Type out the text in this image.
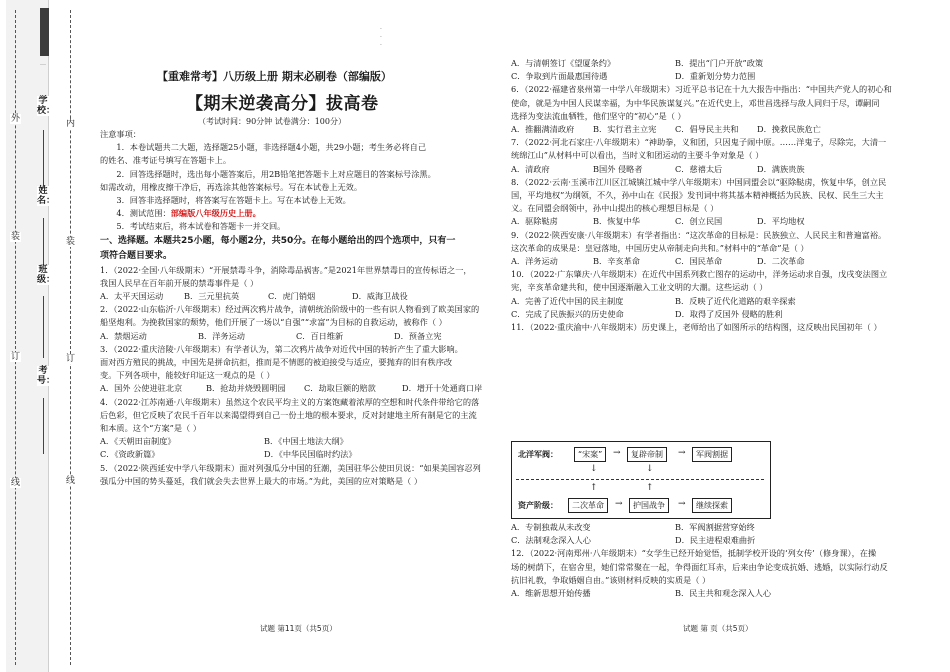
外
装
订
线
内
装
订
线
学校：
姓名：
班级：
考号：
…
【重难常考】八历级上册 期末必刷卷（部编版）
【期末逆袭高分】拔高卷
（考试时间：90分钟 试卷满分：100分）

注意事项：

1．本卷试题共二大题，选择题25小题，非选择题4小题，共29小题；考生务必将自己

的姓名、准考证号填写在答题卡上。

2．回答选择题时，选出每小题答案后，用2B铅笔把答题卡上对应题目的答案标号涂黑。

如需改动，用橡皮擦干净后，再选涂其他答案标号。写在本试卷上无效。

3．回答非选择题时，将答案写在答题卡上。写在本试卷上无效。

4．测试范围：部编版八年级历史上册。

5．考试结束后，将本试卷和答题卡一并交回。

一、选择题。本题共25小题，每小题2分，共50分。在每小题给出的四个选项中，只有一

项符合题目要求。

1．（2022·全国·八年级期末）“开展禁毒斗争，消除毒品祸害。”是2021年世界禁毒日的宣传标语之一，

我国人民早在百年前开展的禁毒事件是（ ）

A．太平天国运动	B．三元里抗英	C．虎门销烟	D．威海卫战役

2．（2022·山东临沂·八年级期末）经过两次鸦片战争，清朝统治阶级中的一些有识人物看到了欧美国家的

船坚炮利。为挽救国家的颓势，他们开展了一场以“自强”“求富”为目标的自救运动，被称作（ ）

A．禁烟运动	B．洋务运动	C．百日维新	D．预备立宪

3．（2022·重庆涪陵·八年级期末）有学者认为，第二次鸦片战争对近代中国的转折产生了重大影响。

面对西方殖民的挑战，中国先是拼命抗拒，推而是不情愿的被迫接受与适应，要抛弃的旧有秩序改

变。下列各项中，能较好印证这一观点的是（ ）

A．国外 公使进驻北京	B．抢劫并烧毁圆明园	C．劫取巨额的赔款	D．增开十处通商口岸

4．（2022·江苏南通·八年级期末）虽然这个农民平均主义的方案饱藏着浓厚的空想和时代条件带给它的落

后色彩，但它反映了农民千百年以来渴望得到自己一份土地的根本要求，反对封建地主所有制是它的主流

和本质。这个“方案”是（ ）

A．《天朝田亩制度》	B．《中国土地法大纲》
C．《资政新篇》	D．《中华民国临时约法》

5．（2022·陕西延安中学八年级期末）面对列强瓜分中国的狂潮，美国驻华公使田贝说：“如果美国容忍列

强瓜分中国的势头蔓延，我们就会失去世界上最大的市场。”为此，美国的应对策略是（ ）

·
·
·
A．与清朝签订《望厦条约》	B．提出“门户开放”政策
C．争取到片面最惠国待遇	D．重新划分势力范围

6．（2022·福建省泉州第一中学八年级期末）习近平总书记在十九大报告中指出：“中国共产党人的初心和

使命，就是为中国人民谋幸福，为中华民族谋复兴。”在近代史上，邓世昌选择与敌人同归于尽，谭嗣同

选择为变法流血牺牲，他们坚守的“初心”是（ ）

A．推翻满清政府	B．实行君主立宪	C．倡导民主共和	D．挽救民族危亡

7．（2022·河北石家庄·八年级期末）“神助拳，义和团，只因鬼子闹中原。……洋鬼子，尽除完，大清一

统绵江山”从材料中可以看出，当时义和团运动的主要斗争对象是（ ）

A．清政府	B国外 侵略者	C．慈禧太后	D．满族贵族

8．（2022·云南·玉溪市江川区江城镇江城中学八年级期末）中国同盟会以“驱除鞑虏，恢复中华，创立民

国，平均地权”为纲领，不久，孙中山在《民报》发刊词中将其基本精神概括为民族、民权、民生三大主

义。在同盟会纲领中，孙中山提出的核心理想目标是（ ）

A．驱除鞑虏	B．恢复中华	C．创立民国	D．平均地权

9．（2022·陕西安康·八年级期末）有学者指出：“这次革命的目标是：民族独立、人民民主和普遍富裕。

这次革命的成果是：皇冠落地，中国历史从帝制走向共和。”材料中的“革命”是（ ）

A．洋务运动	B．辛亥革命	C．国民革命	D．二次革命

10．（2022·广东肇庆·八年级期末）在近代中国系列救亡图存的运动中，洋务运动求自强，戊戌变法图立

宪，辛亥革命建共和，使中国逐渐融入工业文明的大潮。这些运动（ ）

A．完善了近代中国的民主制度	B．反映了近代化道路的艰辛探索
C．完成了民族振兴的历史使命	D．取得了反国外 侵略的胜利

11．（2022·重庆渝中·八年级期末）历史课上，老师给出了如图所示的结构图，这反映出民国初年（ ）

北洋军阀：	“宋案”	→	复辟帝制	→	军阀割据
↓	↓
↑	↑
资产阶级：	二次革命	→	护国战争	→	继续探索
A．专制独裁从未改变	B．军阀割据营穿始终
C．法制观念深入人心	D．民主进程艰难曲折

12．（2022·河南郑州·八年级期末）“女学生已经开始觉悟，抵制学校开设的‘列女传’（修身课），在操

场的树荫下，在宿舍里，她们常常聚在一起，争得面红耳赤，后来由争论变成抗婚、逃婚，以实际行动反

抗旧礼教，争取婚姻自由。”该则材料反映的实质是（ ）

A．维新思想开始传播	B．民主共和观念深入人心
试题 第11页（共5页）	试题 第 页（共5页）
